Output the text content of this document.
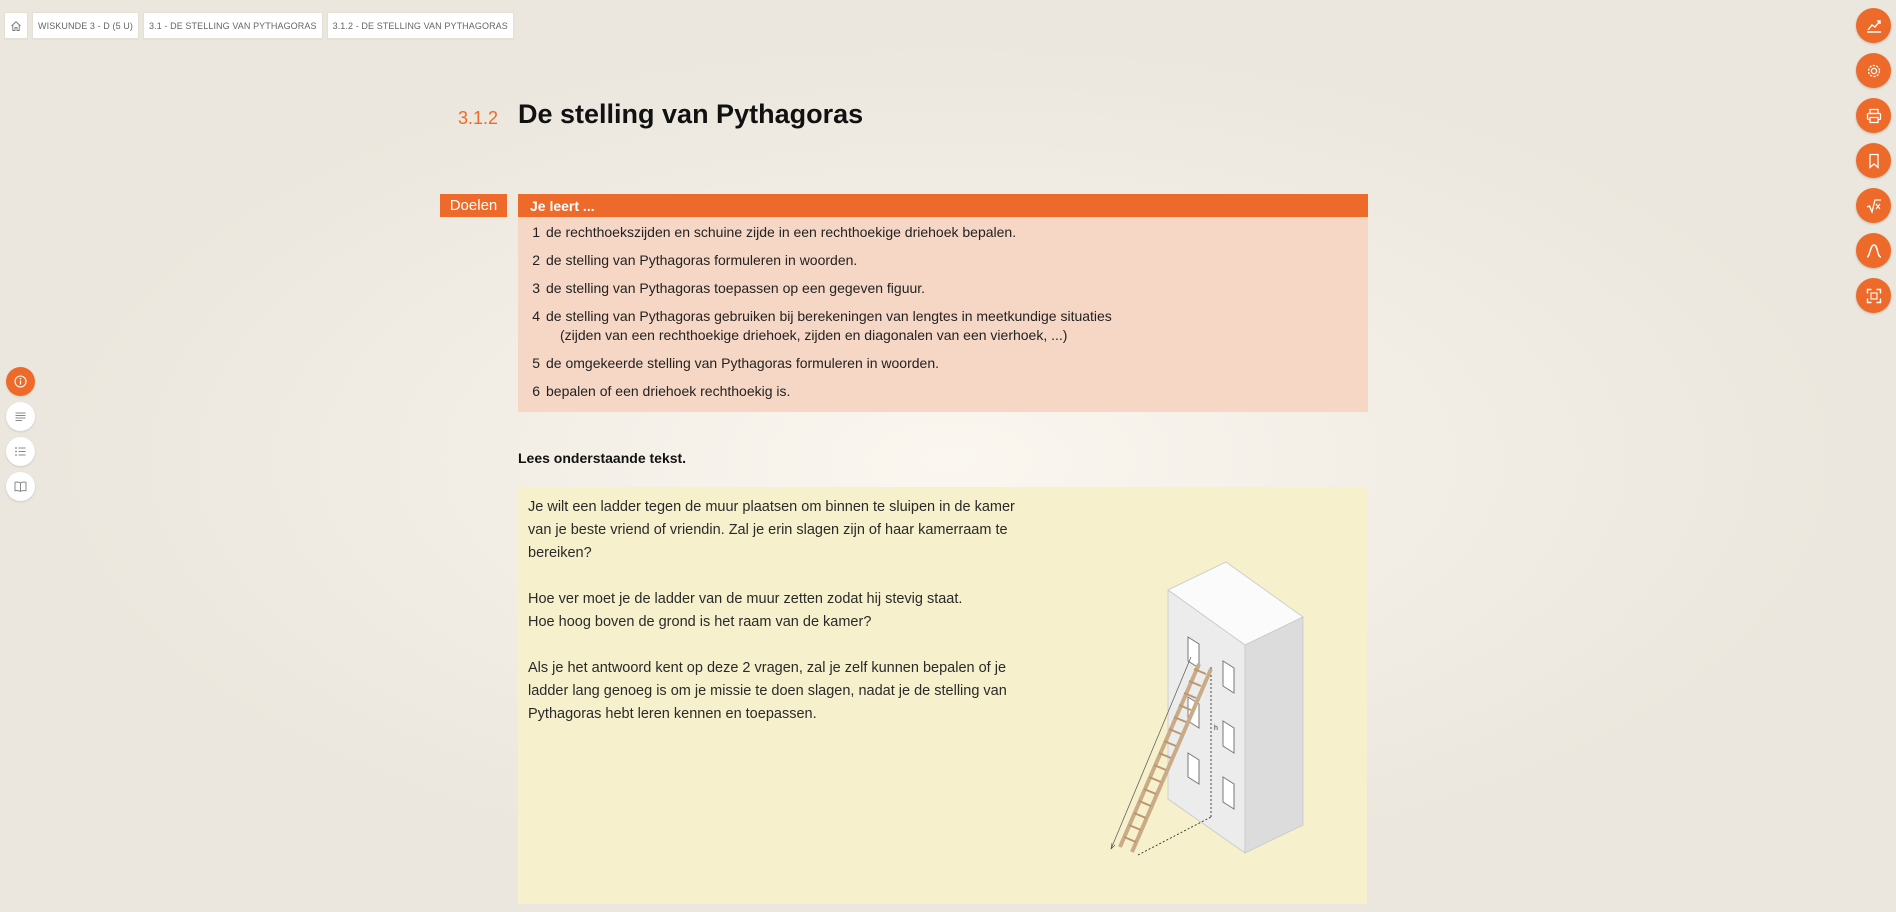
WISKUNDE 3 - D (5 U)	3.1 - DE STELLING VAN PYTHAGORAS	3.1.2 - DE STELLING VAN PYTHAGORAS
3.1.2 De stelling van Pythagoras
Doelen	Je leert ...
1 de rechthoekszijden en schuine zijde in een rechthoekige driehoek bepalen.
2 de stelling van Pythagoras formuleren in woorden.
3 de stelling van Pythagoras toepassen op een gegeven figuur.
4 de stelling van Pythagoras gebruiken bij berekeningen van lengtes in meetkundige situaties
(zijden van een rechthoekige driehoek, zijden en diagonalen van een vierhoek, ...)
5 de omgekeerde stelling van Pythagoras formuleren in woorden.
6 bepalen of een driehoek rechthoekig is.
Lees onderstaande tekst.

Je wilt een ladder tegen de muur plaatsen om binnen te sluipen in de kamer
van je beste vriend of vriendin. Zal je erin slagen zijn of haar kamerraam te
bereiken?

Hoe ver moet je de ladder van de muur zetten zodat hij stevig staat.
Hoe hoog boven de grond is het raam van de kamer?

Als je het antwoord kent op deze 2 vragen, zal je zelf kunnen bepalen of je
ladder lang genoeg is om je missie te doen slagen, nadat je de stelling van
Pythagoras hebt leren kennen en toepassen.

h
